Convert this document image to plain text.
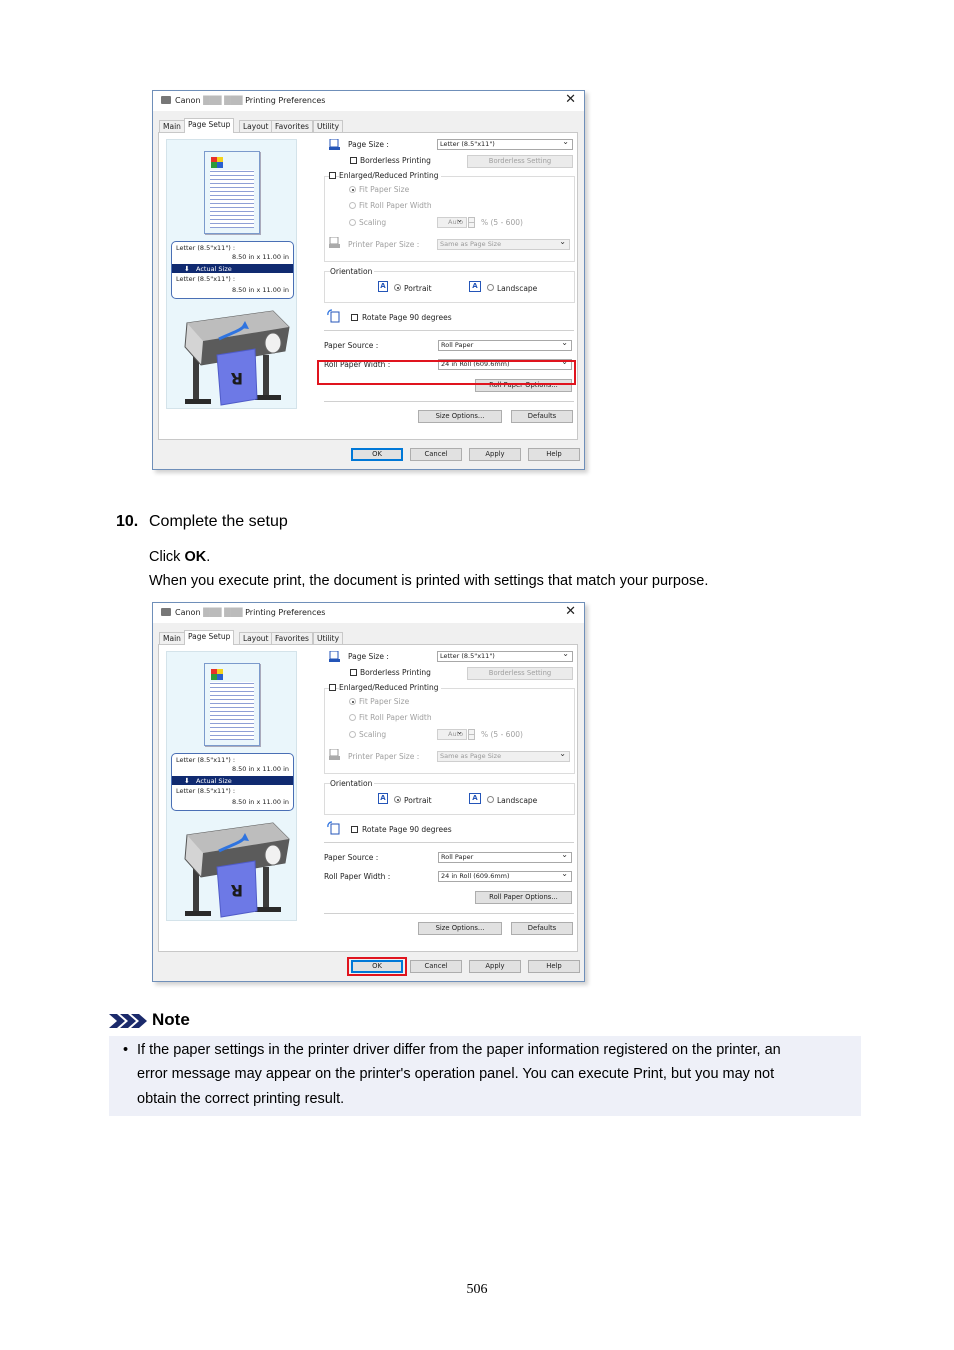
Canon ███ ███ Printing Preferences	✕
Main Page Setup	Layout Favorites	Utility
Letter (8.5"x11") :
8.50 in x 11.00 in
⬇ Actual Size
Letter (8.5"x11") :
8.50 in x 11.00 in
R
Page Size :	Letter (8.5"x11") ⌄
Borderless Printing	Borderless Setting
Enlarged/Reduced Printing
Fit Paper Size
Fit Roll Paper Width
Scaling	Auto ⌄	% (5 - 600)
Printer Paper Size :	Same as Page Size ⌄
Orientation
A	Portrait	A	Landscape
Rotate Page 90 degrees
Paper Source :	Roll Paper ⌄
Roll Paper Width :	24 in Roll (609.6mm) ⌄
Roll Paper Options...
Size Options...	Defaults
OK	Cancel	Apply	Help
10. Complete the setup
Click OK.
When you execute print, the document is printed with settings that match your purpose.
Canon ███ ███ Printing Preferences	✕
Main Page Setup	Layout Favorites	Utility
Letter (8.5"x11") :
8.50 in x 11.00 in
⬇ Actual Size
Letter (8.5"x11") :
8.50 in x 11.00 in
R
Page Size :	Letter (8.5"x11") ⌄
Borderless Printing	Borderless Setting
Enlarged/Reduced Printing
Fit Paper Size
Fit Roll Paper Width
Scaling	Auto ⌄	% (5 - 600)
Printer Paper Size :	Same as Page Size ⌄
Orientation
A	Portrait	A	Landscape
Rotate Page 90 degrees
Paper Source :	Roll Paper ⌄
Roll Paper Width :	24 in Roll (609.6mm) ⌄
Roll Paper Options...
Size Options...	Defaults
OK	Cancel	Apply	Help
Note
• If the paper settings in the printer driver differ from the paper information registered on the printer, an
error message may appear on the printer's operation panel. You can execute Print, but you may not
obtain the correct printing result.
506
